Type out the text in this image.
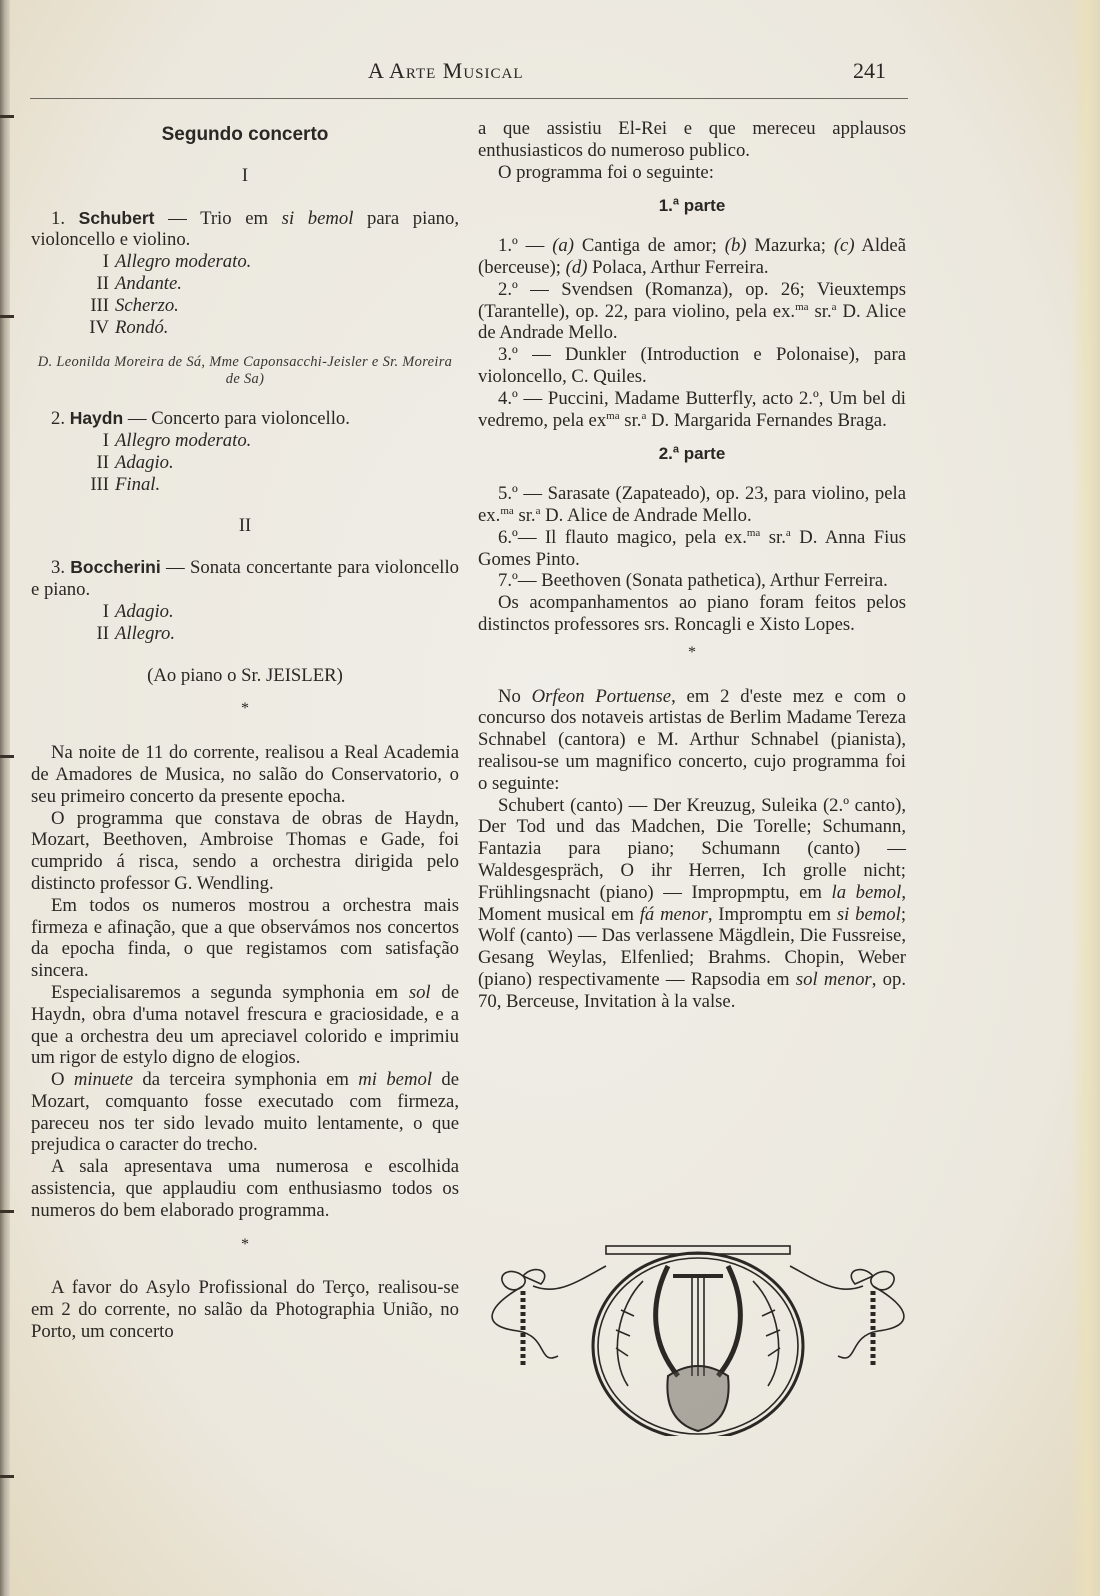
A Arte Musical	241

Segundo concerto

I

1. Schubert — Trio em si bemol para piano, violoncello e violino.

I Allegro moderato.

II Andante.

III Scherzo.

IV Rondó.

D. Leonilda Moreira de Sá, Mme Caponsacchi-Jeisler e Sr. Moreira de Sa)

2. Haydn — Concerto para violoncello.

I Allegro moderato.

II Adagio.

III Final.

II

3. Boccherini — Sonata concertante para violoncello e piano.

I Adagio.

II Allegro.

(Ao piano o Sr. JEISLER)

*

Na noite de 11 do corrente, realisou a Real Academia de Amadores de Musica, no salão do Conservatorio, o seu primeiro concerto da presente epocha.

O programma que constava de obras de Haydn, Mozart, Beethoven, Ambroise Thomas e Gade, foi cumprido á risca, sendo a orchestra dirigida pelo distincto professor G. Wendling.

Em todos os numeros mostrou a orchestra mais firmeza e afinação, que a que observámos nos concertos da epocha finda, o que registamos com satisfação sincera.

Especialisaremos a segunda symphonia em sol de Haydn, obra d'uma notavel frescura e graciosidade, e a que a orchestra deu um apreciavel colorido e imprimiu um rigor de estylo digno de elogios.

O minuete da terceira symphonia em mi bemol de Mozart, comquanto fosse executado com firmeza, pareceu nos ter sido levado muito lentamente, o que prejudica o caracter do trecho.

A sala apresentava uma numerosa e escolhida assistencia, que applaudiu com enthusiasmo todos os numeros do bem elaborado programma.

*

A favor do Asylo Profissional do Terço, realisou-se em 2 do corrente, no salão da Photographia União, no Porto, um concerto

a que assistiu El-Rei e que mereceu applausos enthusiasticos do numeroso publico.

O programma foi o seguinte:

1.$^a$ parte

1.º — (a) Cantiga de amor; (b) Mazurka; (c) Aldeã (berceuse); (d) Polaca, Arthur Ferreira.

2.º — Svendsen (Romanza), op. 26; Vieuxtemps (Tarantelle), op. 22, para violino, pela ex.$^{ma}$ sr.$^a$ D. Alice de Andrade Mello.

3.º — Dunkler (Introduction e Polonaise), para violoncello, C. Quiles.

4.º — Puccini, Madame Butterfly, acto 2.º, Um bel di vedremo, pela $ex^{ma}$ sr.$^a$ D. Margarida Fernandes Braga.

2.$^a$ parte

5.º — Sarasate (Zapateado), op. 23, para violino, pela ex.$^{ma}$ sr.$^a$ D. Alice de Andrade Mello.

6.º— Il flauto magico, pela ex.$^{ma}$ sr.$^a$ D. Anna Fius Gomes Pinto.

7.º— Beethoven (Sonata pathetica), Arthur Ferreira.

Os acompanhamentos ao piano foram feitos pelos distinctos professores srs. Roncagli e Xisto Lopes.

*

No Orfeon Portuense, em 2 d'este mez e com o concurso dos notaveis artistas de Berlim Madame Tereza Schnabel (cantora) e M. Arthur Schnabel (pianista), realisou-se um magnifico concerto, cujo programma foi o seguinte:

Schubert (canto) — Der Kreuzug, Suleika (2.º canto), Der Tod und das Madchen, Die Torelle; Schumann, Fantazia para piano; Schumann (canto) — Waldesgespräch, O ihr Herren, Ich grolle nicht; Frühlingsnacht (piano) — Impropmptu, em la bemol, Moment musical em fá menor, Impromptu em si bemol; Wolf (canto) — Das verlassene Mägdlein, Die Fussreise, Gesang Weylas, Elfenlied; Brahms. Chopin, Weber (piano) respectivamente — Rapsodia em sol menor, op. 70, Berceuse, Invitation à la valse.
